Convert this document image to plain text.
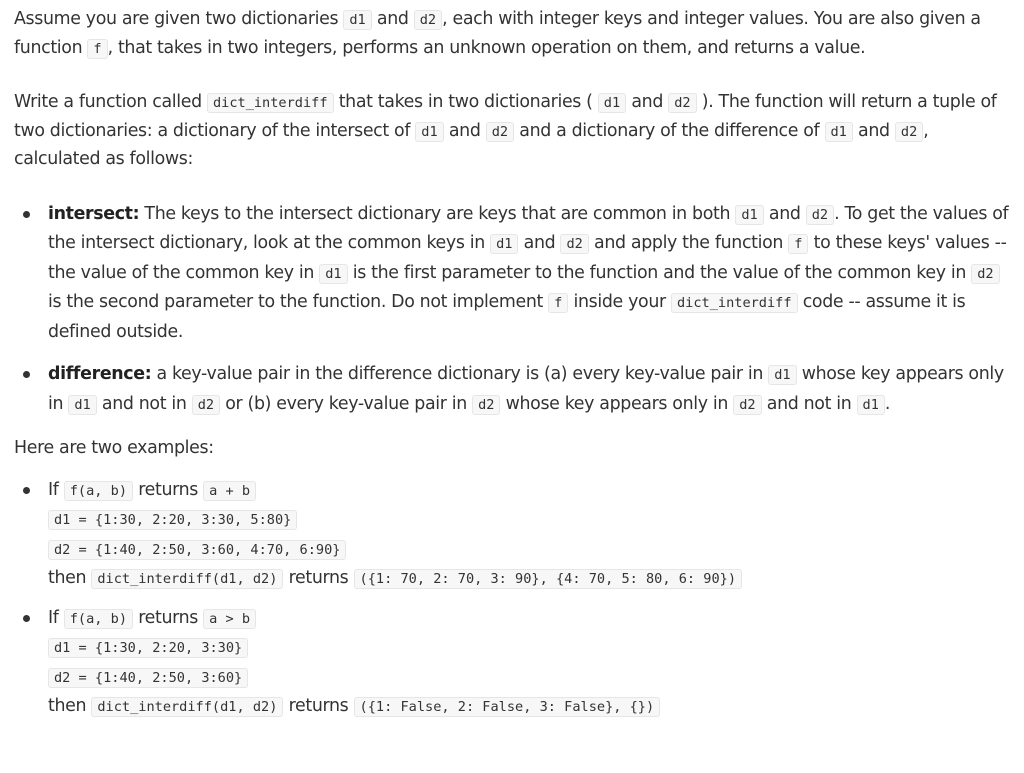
Assume you are given two dictionaries d1 and d2 , each with integer keys and integer values. You are also given a function f , that takes in two integers, performs an unknown operation on them, and returns a value.

Write a function called dict_interdiff that takes in two dictionaries ( d1 and d2 ). The function will return a tuple of two dictionaries: a dictionary of the intersect of d1 and d2 and a dictionary of the difference of d1 and d2 , calculated as follows:

intersect: The keys to the intersect dictionary are keys that are common in both d1 and d2 . To get the values of the intersect dictionary, look at the common keys in d1 and d2 and apply the function f to these keys' values -- the value of the common key in d1 is the first parameter to the function and the value of the common key in d2 is the second parameter to the function. Do not implement f inside your dict_interdiff code -- assume it is defined outside.
difference: a key-value pair in the difference dictionary is (a) every key-value pair in d1 whose key appears only in d1 and not in d2 or (b) every key-value pair in d2 whose key appears only in d2 and not in d1 .

Here are two examples:

If f(a, b) returns a + b
d1 = {1:30, 2:20, 3:30, 5:80}
d2 = {1:40, 2:50, 3:60, 4:70, 6:90}
then dict_interdiff(d1, d2) returns ({1: 70, 2: 70, 3: 90}, {4: 70, 5: 80, 6: 90})
If f(a, b) returns a > b
d1 = {1:30, 2:20, 3:30}
d2 = {1:40, 2:50, 3:60}
then dict_interdiff(d1, d2) returns ({1: False, 2: False, 3: False}, {})
